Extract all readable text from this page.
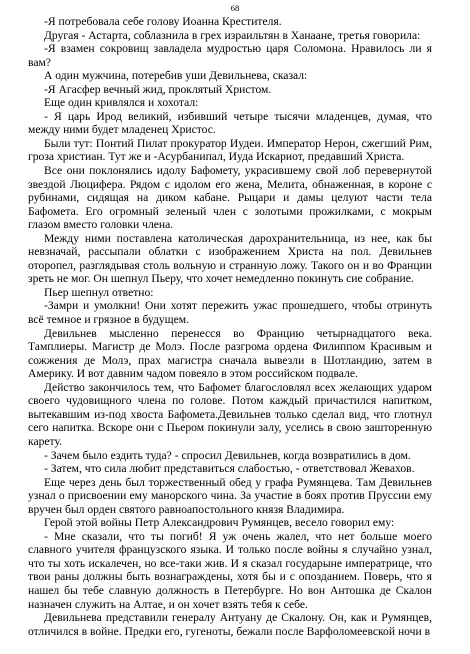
68

-Я потребовала себе голову Иоанна Крестителя.

Другая - Астарта, соблазнила в грех израильтян в Ханаане, третья говорила:

-Я взамен сокровищ завладела мудростью царя Соломона. Нравилось ли я вам?

А один мужчина, потеребив уши Девильнева, сказал:

-Я Агасфер вечный жид, проклятый Христом.

Еще один кривлялся и хохотал:

- Я царь Ирод великий, избивший четыре тысячи младенцев, думая, что между ними будет младенец Христос.

Были тут: Понтий Пилат прокуратор Иудеи. Император Нерон, сжегший Рим, гроза христиан. Тут же и -Асурбанипал, Иуда Искариот, предавший Христа.

Все они поклонялись идолу Бафомету, украсившему свой лоб перевернутой звездой Люцифера. Рядом с идолом его жена, Мелита, обнаженная, в короне с рубинами, сидящая на диком кабане. Рыцари и дамы целуют части тела Бафомета. Его огромный зеленый член с золотыми прожилками, с мокрым глазом вместо головки члена.

Между ними поставлена католическая дарохранительница, из нее, как бы невзначай, рассыпали облатки с изображением Христа на пол. Девильнев оторопел, разглядывая столь вольную и странную ложу. Такого он и во Франции зреть не мог. Он шепнул Пьеру, что хочет немедленно покинуть сие собрание.

Пьер шепнул ответно:

-Замри и умолкни! Они хотят пережить ужас прошедшего, чтобы отринуть всё темное и грязное в будущем.

Девильнев мысленно перенесся во Францию четырнадцатого века. Тамплиеры. Магистр де Молэ. После разгрома ордена Филиппом Красивым и сожжения де Молэ, прах магистра сначала вывезли в Шотландию, затем в Америку. И вот давним чадом повеяло в этом российском подвале.

Действо закончилось тем, что Бафомет благословлял всех желающих ударом своего чудовищного члена по голове. Потом каждый причастился напитком, вытекавшим из-под хвоста Бафомета.Девильнев только сделал вид, что глотнул сего напитка. Вскоре они с Пьером покинули залу, уселись в свою зашторенную карету.

- Зачем было ездить туда? - спросил Девильнев, когда возвратились в дом.

- Затем, что сила любит представиться слабостью, - ответствовал Жевахов.

Еще через день был торжественный обед у графа Румянцева. Там Девильнев узнал о присвоении ему манорского чина. За участие в боях против Пруссии ему вручен был орден святого равноапостольного князя Владимира.

Герой этой войны Петр Александрович Румянцев, весело говорил ему:

- Мне сказали, что ты погиб! Я уж очень жалел, что нет больше моего славного учителя французского языка. И только после войны я случайно узнал, что ты хоть искалечен, но все-таки жив. И я сказал государыне императрице, что твои раны должны быть вознаграждены, хотя бы и с опозданием. Поверь, что я нашел бы тебе славную должность в Петербурге. Но вон Антошка де Скалон назначен служить на Алтае, и он хочет взять тебя к себе.

Девильнева представили генералу Антуану де Скалону. Он, как и Румянцев, отличился в войне. Предки его, гугеноты, бежали после Варфоломеевской ночи в
